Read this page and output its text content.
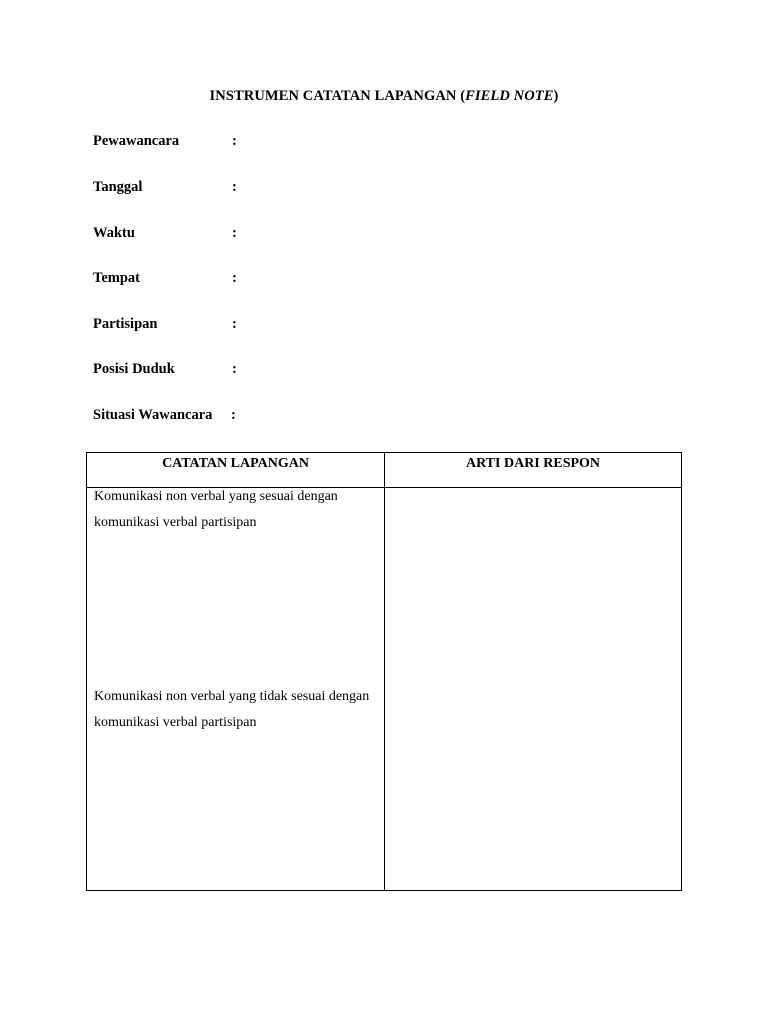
INSTRUMEN CATATAN LAPANGAN (FIELD NOTE)
Pewawancara	:
Tanggal	:
Waktu	:
Tempat	:
Partisipan	:
Posisi Duduk	:
Situasi Wawancara :
CATATAN LAPANGAN	ARTI DARI RESPON
Komunikasi non verbal yang sesuai dengan komunikasi verbal partisipan
Komunikasi non verbal yang tidak sesuai dengan komunikasi verbal partisipan
